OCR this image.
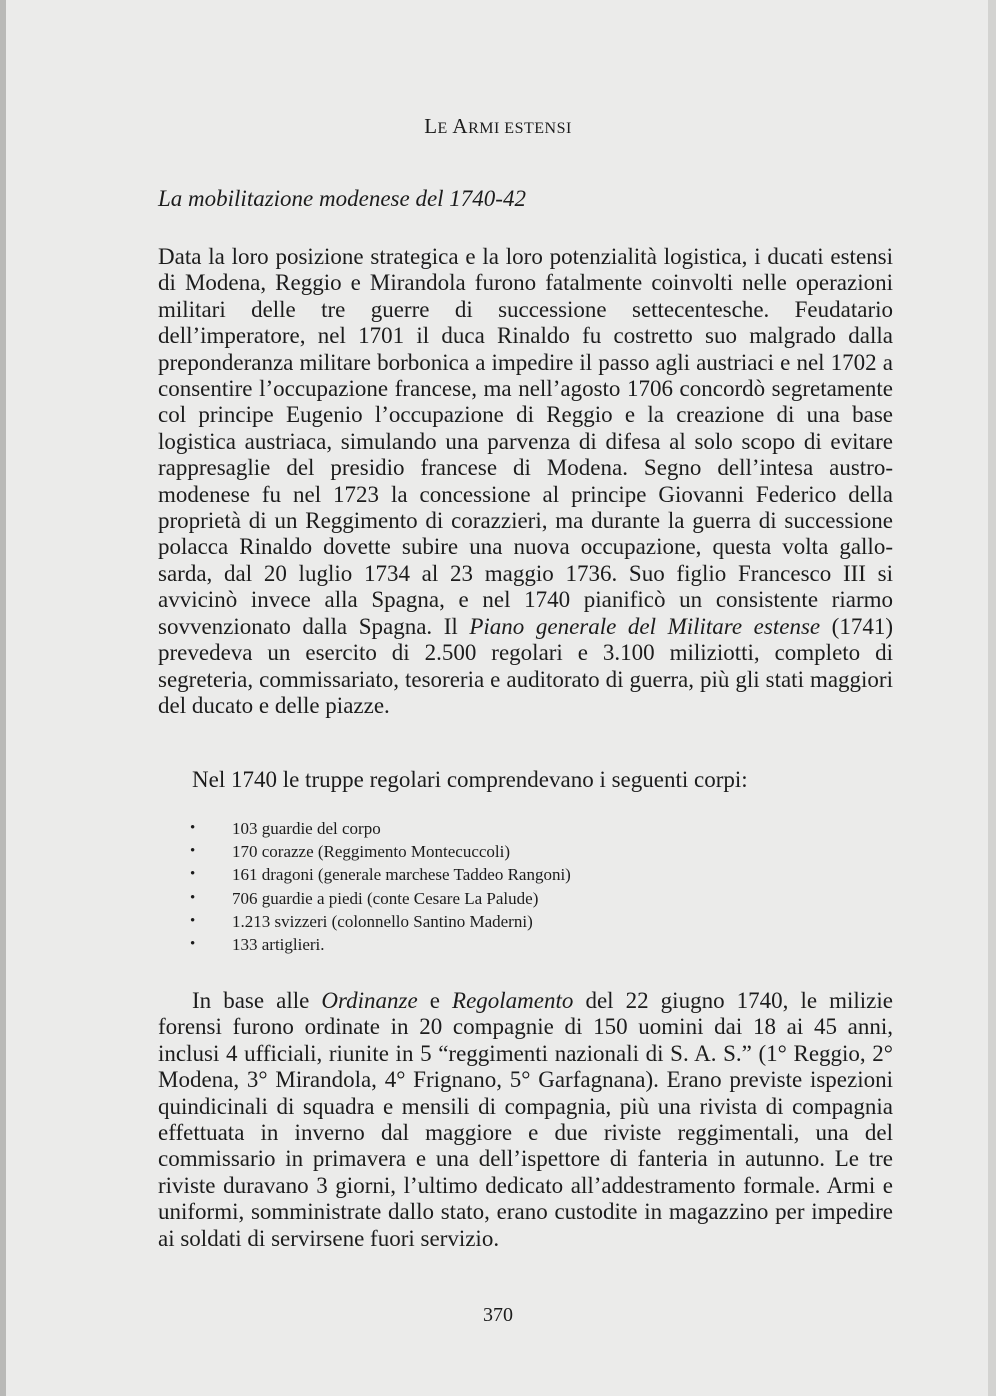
LE ARMI ESTENSI
La mobilitazione modenese del 1740-42

Data la loro posizione strategica e la loro potenzialità logistica, i ducati estensi di Modena, Reggio e Mirandola furono fatalmente coinvolti nelle operazioni militari delle tre guerre di successione settecentesche. Feudatario dell’imperatore, nel 1701 il duca Rinaldo fu costretto suo malgrado dalla preponderanza militare borbonica a impedire il passo agli austriaci e nel 1702 a consentire l’occupazione francese, ma nell’agosto 1706 concordò segretamente col principe Eugenio l’occupazione di Reggio e la creazione di una base logistica austriaca, simulando una parvenza di difesa al solo scopo di evitare rappresaglie del presidio francese di Modena. Segno dell’intesa austro-modenese fu nel 1723 la concessione al principe Giovanni Federico della proprietà di un Reggimento di corazzieri, ma durante la guerra di successione polacca Rinaldo dovette subire una nuova occupazione, questa volta gallo-sarda, dal 20 luglio 1734 al 23 maggio 1736. Suo figlio Francesco III si avvicinò invece alla Spagna, e nel 1740 pianificò un consistente riarmo sovvenzionato dalla Spagna. Il Piano generale del Militare estense (1741) prevedeva un esercito di 2.500 regolari e 3.100 miliziotti, completo di segreteria, commissariato, tesoreria e auditorato di guerra, più gli stati maggiori del ducato e delle piazze.

Nel 1740 le truppe regolari comprendevano i seguenti corpi:

• 103 guardie del corpo
• 170 corazze (Reggimento Montecuccoli)
• 161 dragoni (generale marchese Taddeo Rangoni)
• 706 guardie a piedi (conte Cesare La Palude)
• 1.213 svizzeri (colonnello Santino Maderni)
• 133 artiglieri.

In base alle Ordinanze e Regolamento del 22 giugno 1740, le milizie forensi furono ordinate in 20 compagnie di 150 uomini dai 18 ai 45 anni, inclusi 4 ufficiali, riunite in 5 “reggimenti nazionali di S. A. S.” (1° Reggio, 2° Modena, 3° Mirandola, 4° Frignano, 5° Garfagnana). Erano previste ispezioni quindicinali di squadra e mensili di compagnia, più una rivista di compagnia effettuata in inverno dal maggiore e due riviste reggimentali, una del commissario in primavera e una dell’ispettore di fanteria in autunno. Le tre riviste duravano 3 giorni, l’ultimo dedicato all’addestramento formale. Armi e uniformi, somministrate dallo stato, erano custodite in magazzino per impedire ai soldati di servirsene fuori servizio.

370
